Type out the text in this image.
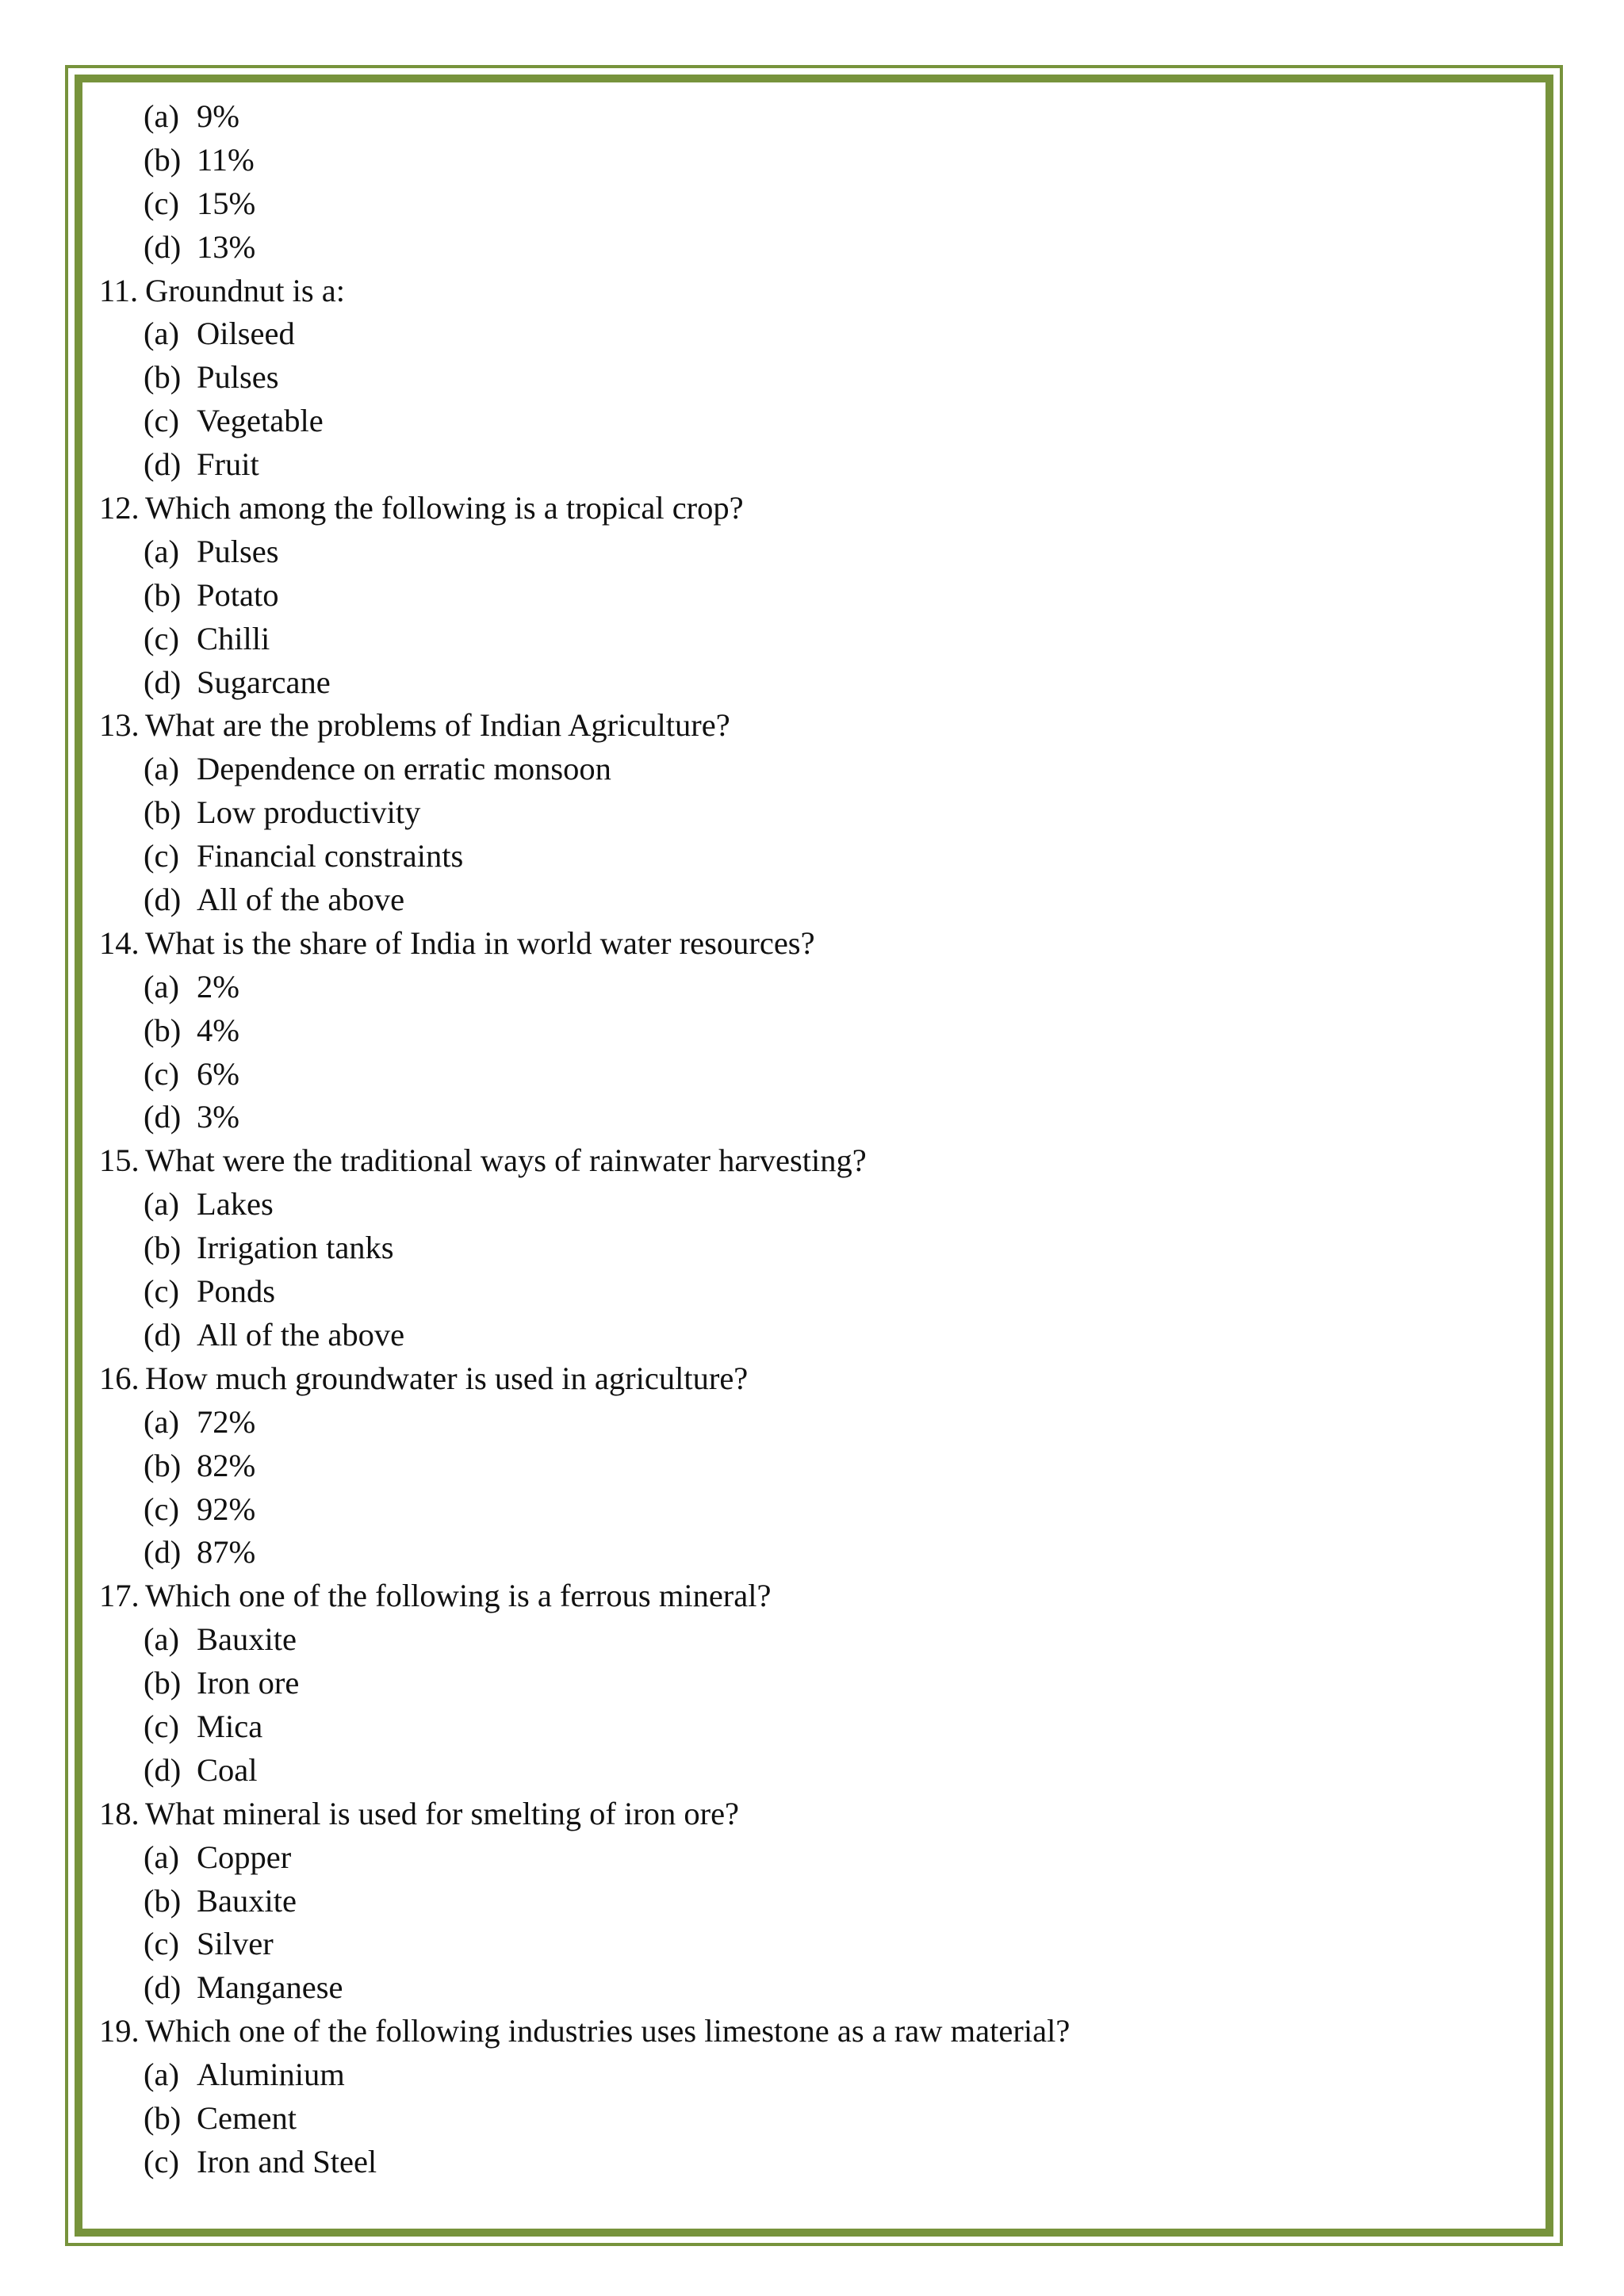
(a) 9%
(b) 11%
(c) 15%
(d) 13%
11. Groundnut is a:
(a) Oilseed
(b) Pulses
(c) Vegetable
(d) Fruit
12. Which among the following is a tropical crop?
(a) Pulses
(b) Potato
(c) Chilli
(d) Sugarcane
13. What are the problems of Indian Agriculture?
(a) Dependence on erratic monsoon
(b) Low productivity
(c) Financial constraints
(d) All of the above
14. What is the share of India in world water resources?
(a) 2%
(b) 4%
(c) 6%
(d) 3%
15. What were the traditional ways of rainwater harvesting?
(a) Lakes
(b) Irrigation tanks
(c) Ponds
(d) All of the above
16. How much groundwater is used in agriculture?
(a) 72%
(b) 82%
(c) 92%
(d) 87%
17. Which one of the following is a ferrous mineral?
(a) Bauxite
(b) Iron ore
(c) Mica
(d) Coal
18. What mineral is used for smelting of iron ore?
(a) Copper
(b) Bauxite
(c) Silver
(d) Manganese
19. Which one of the following industries uses limestone as a raw material?
(a) Aluminium
(b) Cement
(c) Iron and Steel
